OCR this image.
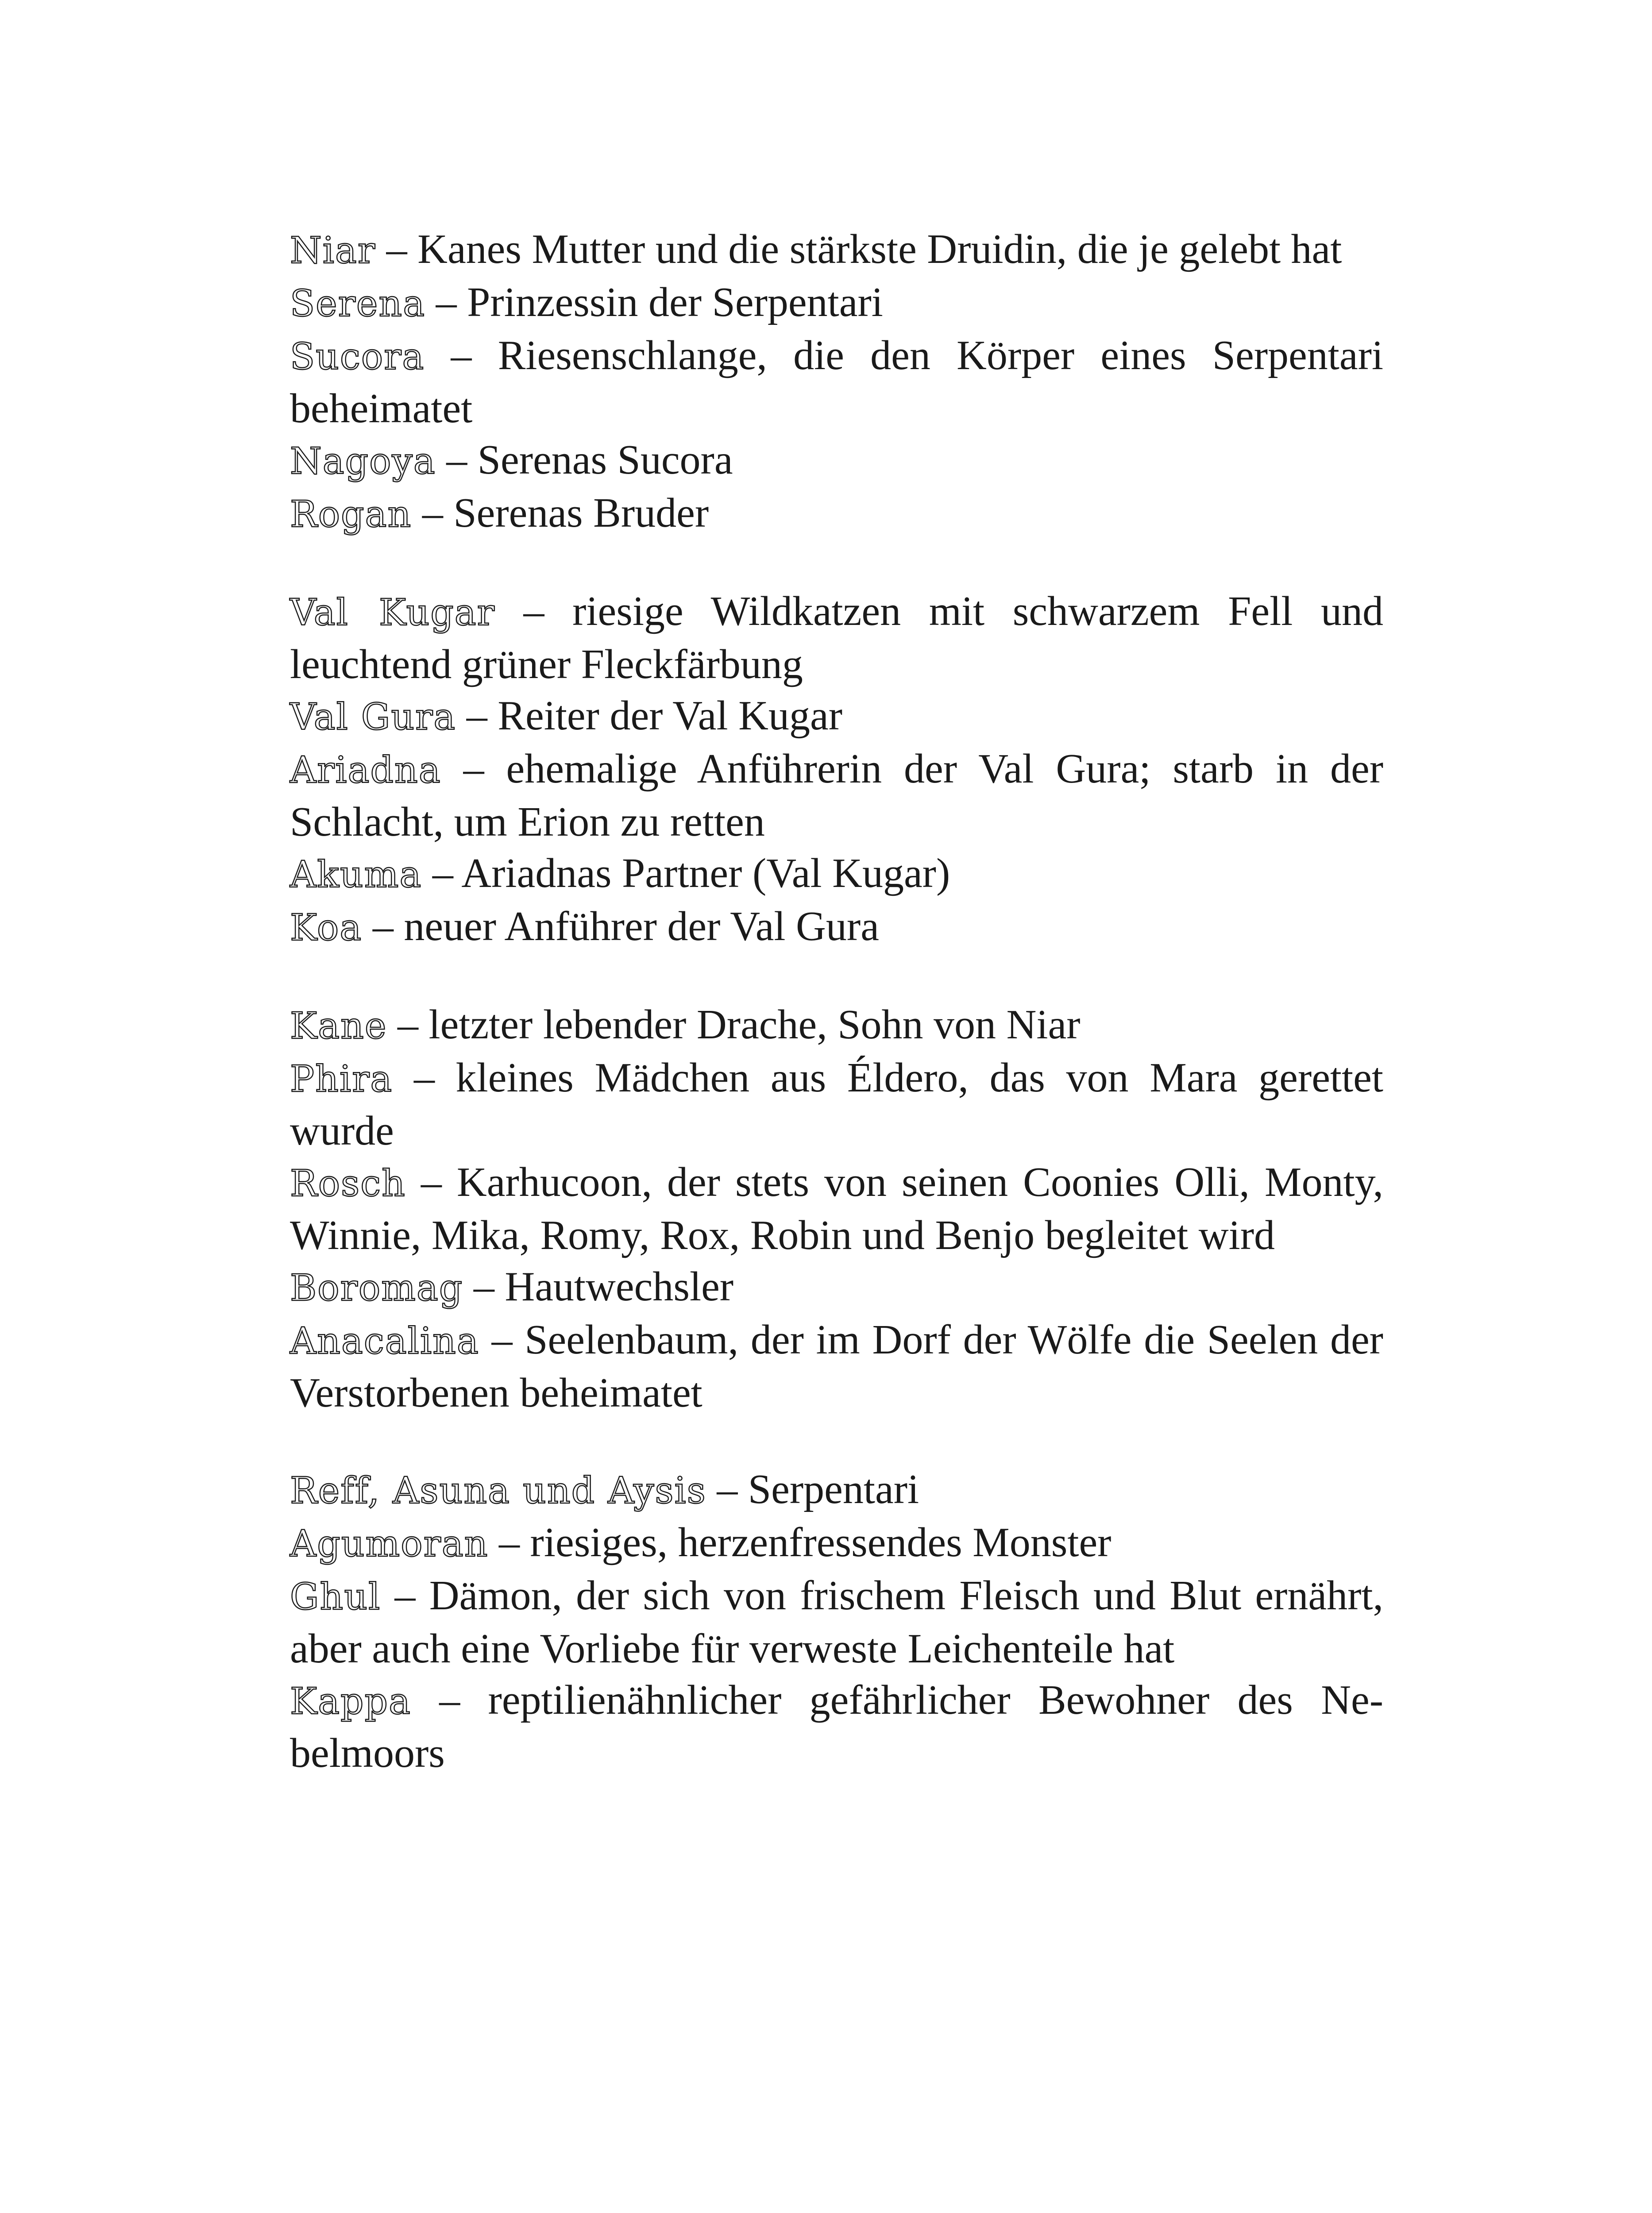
Niar – Kanes Mutter und die stärkste Druidin, die je gelebt hat

Serena – Prinzessin der Serpentari

Sucora – Riesenschlange, die den Körper eines Serpentari beheimatet

Nagoya – Serenas Sucora

Rogan – Serenas Bruder

Val Kugar – riesige Wildkatzen mit schwarzem Fell und leuchtend grüner Fleckfärbung

Val Gura – Reiter der Val Kugar

Ariadna – ehemalige Anführerin der Val Gura; starb in der Schlacht, um Erion zu retten

Akuma – Ariadnas Partner (Val Kugar)

Koa – neuer Anführer der Val Gura

Kane – letzter lebender Drache, Sohn von Niar

Phira – kleines Mädchen aus Éldero, das von Mara gerettet wurde

Rosch – Karhucoon, der stets von seinen Coonies Olli, Monty, Winnie, Mika, Romy, Rox, Robin und Benjo begleitet wird

Boromag – Hautwechsler

Anacalina – Seelenbaum, der im Dorf der Wölfe die Seelen der Verstorbenen beheimatet

Reff, Asuna und Aysis – Serpentari

Agumoran – riesiges, herzenfressendes Monster

Ghul – Dämon, der sich von frischem Fleisch und Blut ernährt, aber auch eine Vorliebe für verweste Leichenteile hat

Kappa – reptilienähnlicher gefährlicher Bewohner des Nebelmoors
